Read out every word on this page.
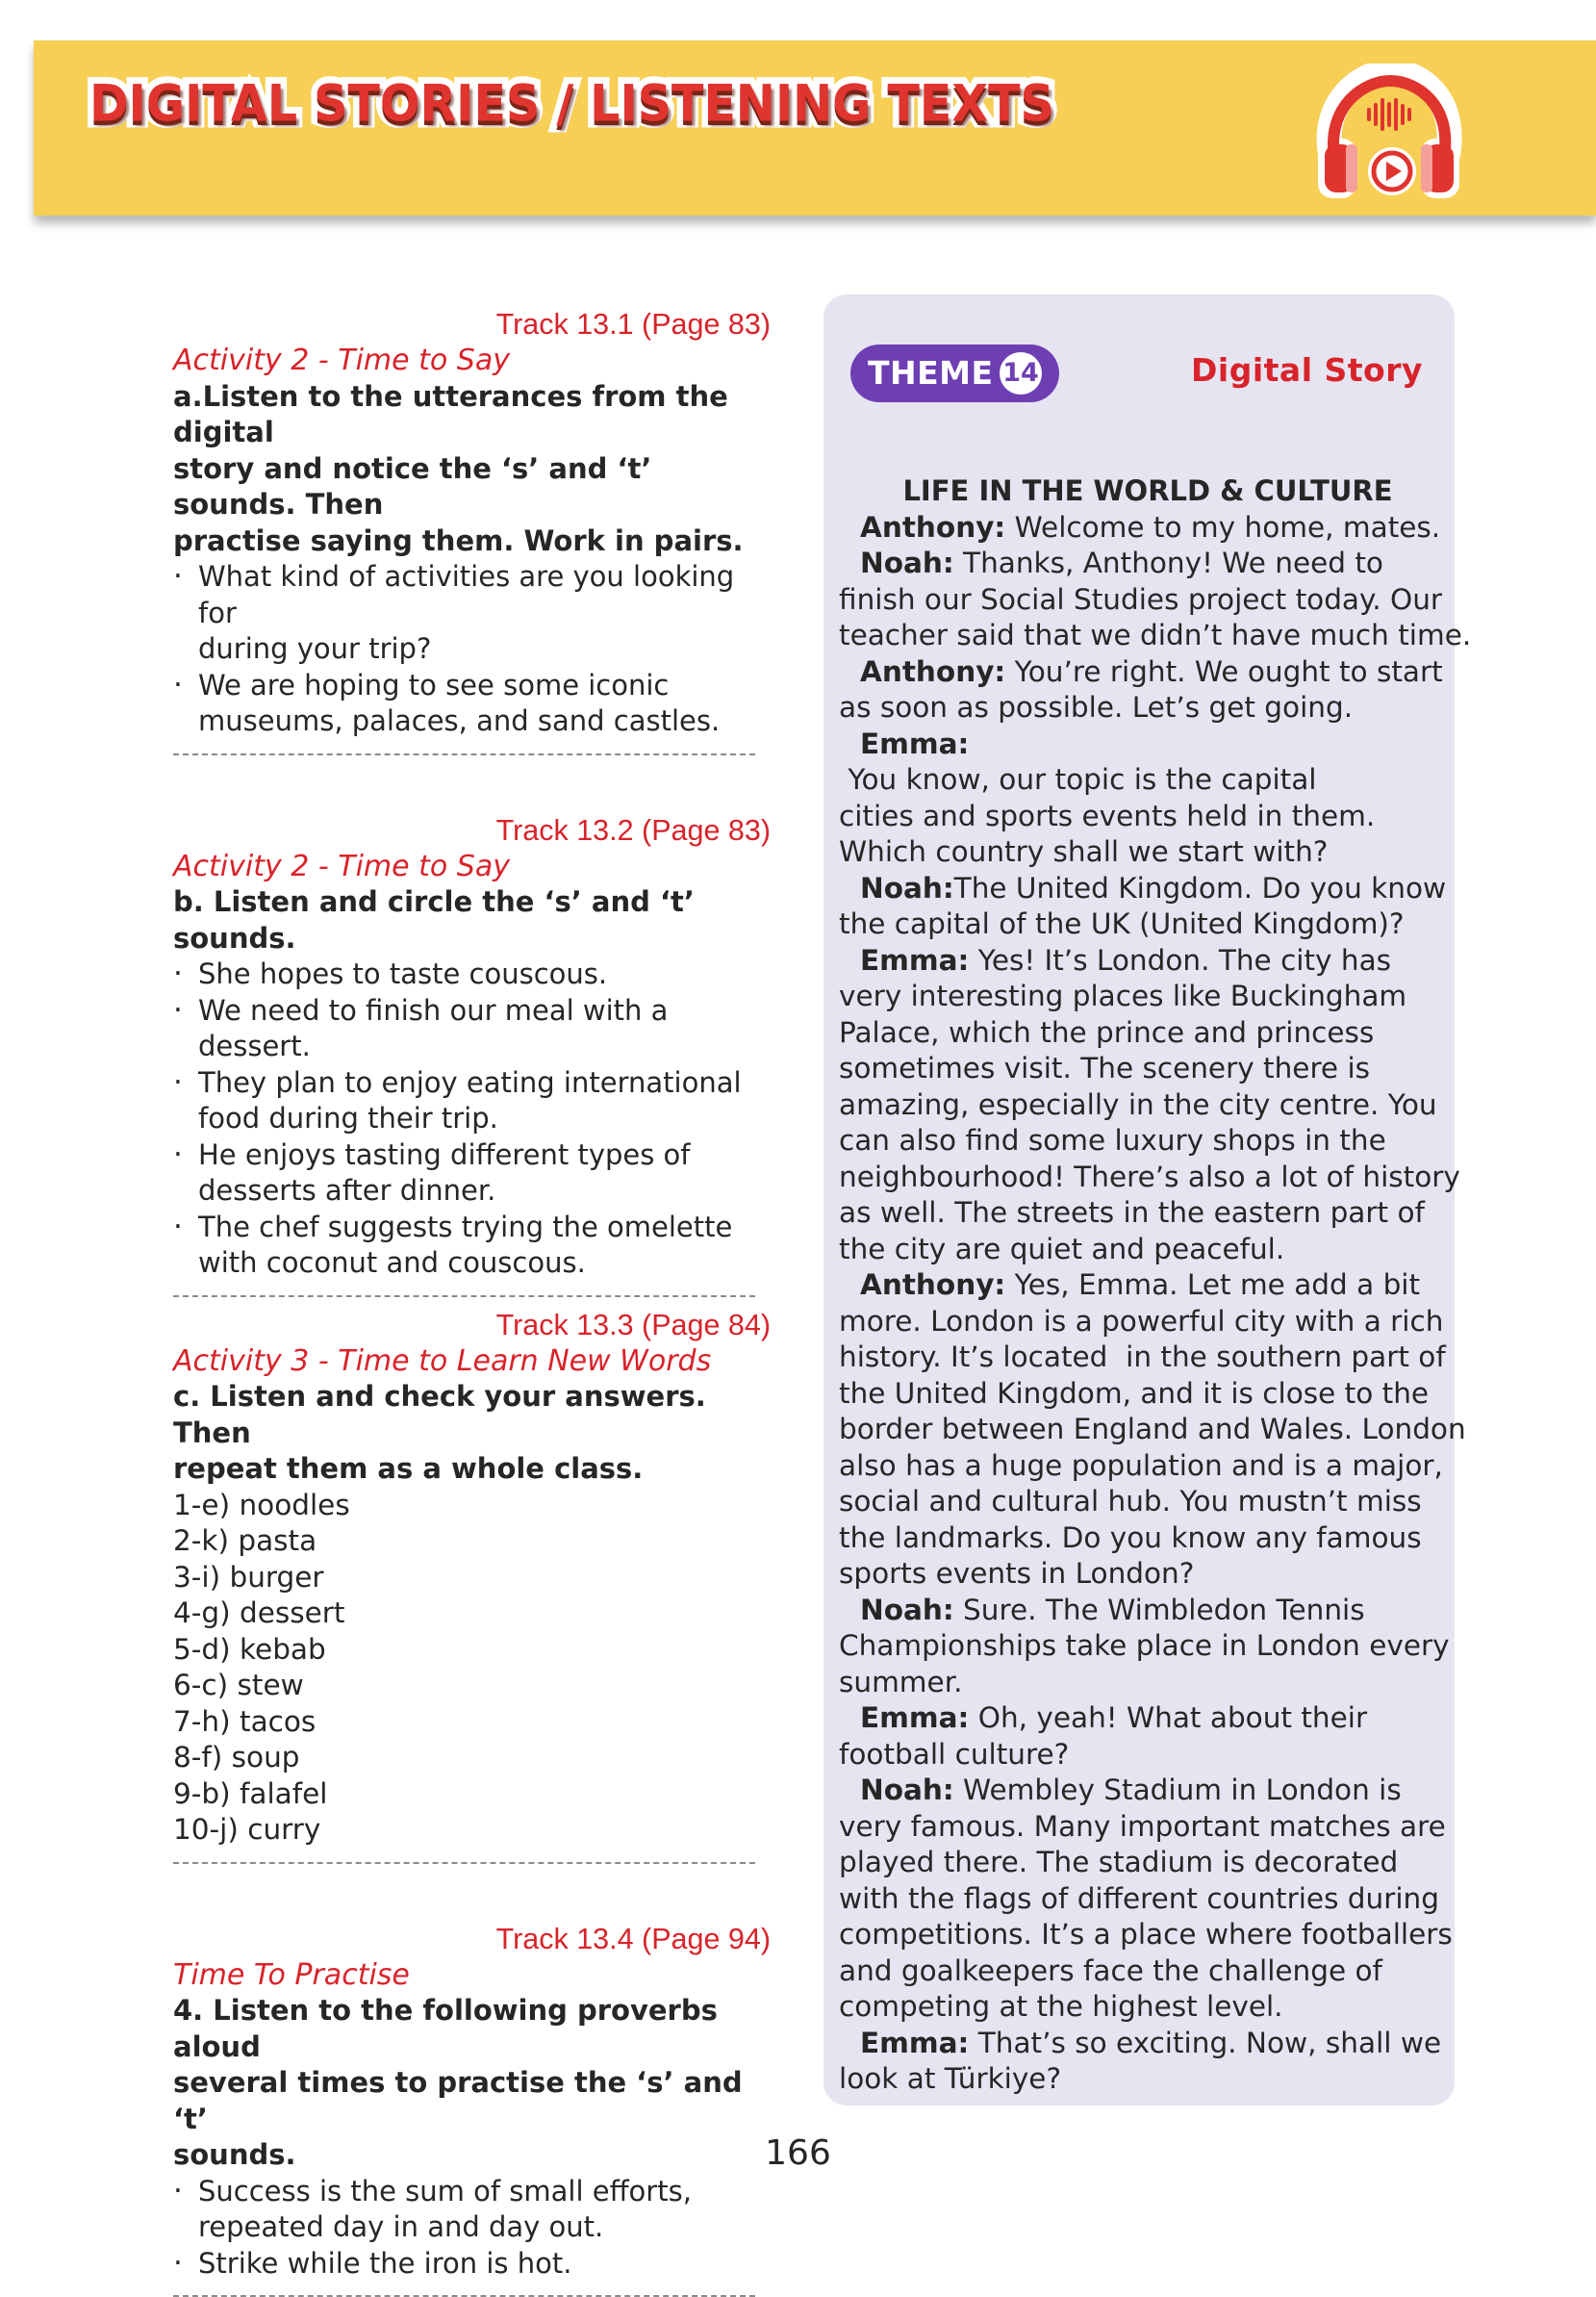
DIGITAL STORIES / LISTENING TEXTS
Track 13.1 (Page 83)
Activity 2 - Time to Say
a.Listen to the utterances from the digital
story and notice the ‘s’ and ‘t’ sounds. Then
practise saying them. Work in pairs.
· What kind of activities are you looking for
during your trip?
· We are hoping to see some iconic
museums, palaces, and sand castles.
Track 13.2 (Page 83)
Activity 2 - Time to Say
b. Listen and circle the ‘s’ and ‘t’ sounds.
· She hopes to taste couscous.
· We need to finish our meal with a dessert.
· They plan to enjoy eating international
food during their trip.
· He enjoys tasting different types of
desserts after dinner.
· The chef suggests trying the omelette
with coconut and couscous.
Track 13.3 (Page 84)
Activity 3 - Time to Learn New Words
c. Listen and check your answers. Then
repeat them as a whole class.
1-e) noodles
2-k) pasta
3-i) burger
4-g) dessert
5-d) kebab
6-c) stew
7-h) tacos
8-f) soup
9-b) falafel
10-j) curry
Track 13.4 (Page 94)
Time To Practise
4. Listen to the following proverbs aloud
several times to practise the ‘s’ and ‘t’
sounds.
· Success is the sum of small efforts,
repeated day in and day out.
· Strike while the iron is hot.
THEME 14	Digital Story
LIFE IN THE WORLD & CULTURE
Anthony: Welcome to my home, mates.
Noah: Thanks, Anthony! We need to
finish our Social Studies project today. Our
teacher said that we didn’t have much time.
Anthony: You’re right. We ought to start
as soon as possible. Let’s get going.
Emma: You know, our topic is the capital
cities and sports events held in them.
Which country shall we start with?
Noah:The United Kingdom. Do you know
the capital of the UK (United Kingdom)?
Emma: Yes! It’s London. The city has
very interesting places like Buckingham
Palace, which the prince and princess
sometimes visit. The scenery there is
amazing, especially in the city centre. You
can also find some luxury shops in the
neighbourhood! There’s also a lot of history
as well. The streets in the eastern part of
the city are quiet and peaceful.
Anthony: Yes, Emma. Let me add a bit
more. London is a powerful city with a rich
history. It’s located  in the southern part of
the United Kingdom, and it is close to the
border between England and Wales. London
also has a huge population and is a major,
social and cultural hub. You mustn’t miss
the landmarks. Do you know any famous
sports events in London?
Noah: Sure. The Wimbledon Tennis
Championships take place in London every
summer.
Emma: Oh, yeah! What about their
football culture?
Noah: Wembley Stadium in London is
very famous. Many important matches are
played there. The stadium is decorated
with the flags of different countries during
competitions. It’s a place where footballers
and goalkeepers face the challenge of
competing at the highest level.
Emma: That’s so exciting. Now, shall we
look at Türkiye?
166
